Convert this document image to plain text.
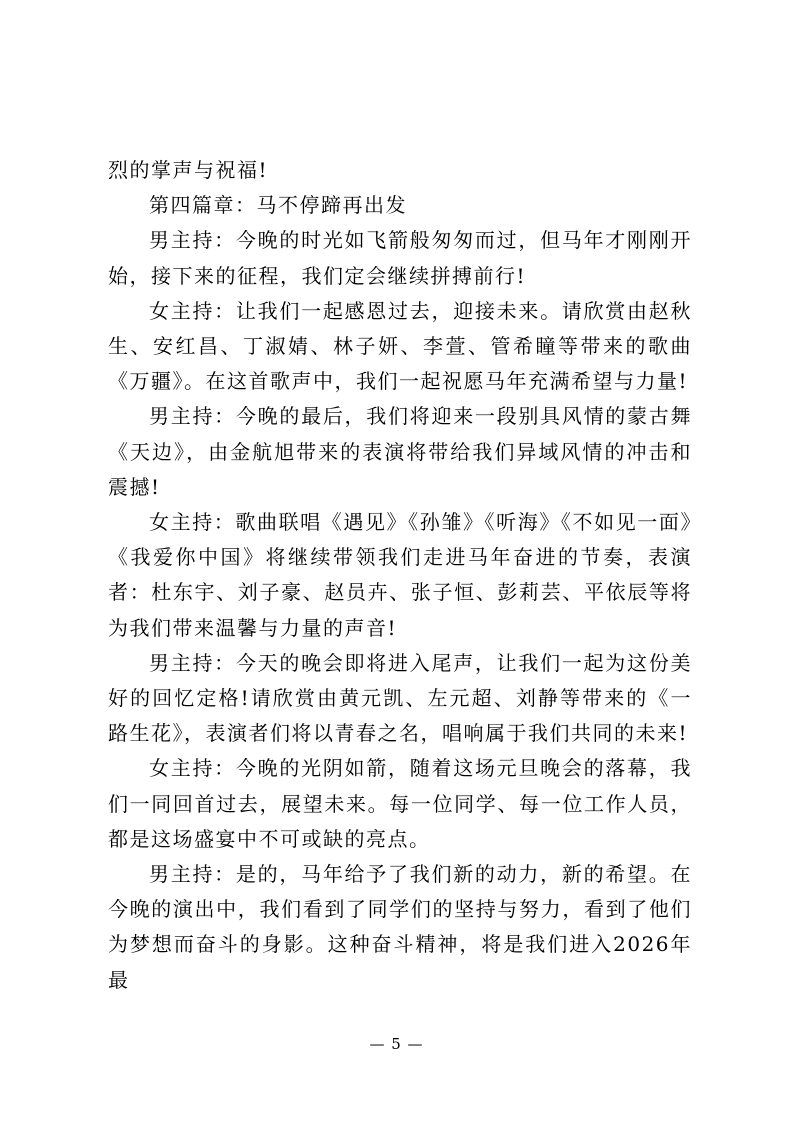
烈的掌声与祝福!

第四篇章：马不停蹄再出发

男主持：今晚的时光如飞箭般匆匆而过，但马年才刚刚开始，接下来的征程，我们定会继续拼搏前行!

女主持：让我们一起感恩过去，迎接未来。请欣赏由赵秋生、安红昌、丁淑婧、林子妍、李萱、管希瞳等带来的歌曲《万疆》。在这首歌声中，我们一起祝愿马年充满希望与力量!

男主持：今晚的最后，我们将迎来一段别具风情的蒙古舞《天边》，由金航旭带来的表演将带给我们异域风情的冲击和震撼!

女主持：歌曲联唱《遇见》《孙雏》《听海》《不如见一面》《我爱你中国》将继续带领我们走进马年奋进的节奏，表演者：杜东宇、刘子豪、赵员卉、张子恒、彭莉芸、平依辰等将为我们带来温馨与力量的声音!

男主持：今天的晚会即将进入尾声，让我们一起为这份美好的回忆定格!请欣赏由黄元凯、左元超、刘静等带来的《一路生花》，表演者们将以青春之名，唱响属于我们共同的未来!

女主持：今晚的光阴如箭，随着这场元旦晚会的落幕，我们一同回首过去，展望未来。每一位同学、每一位工作人员，都是这场盛宴中不可或缺的亮点。

男主持：是的，马年给予了我们新的动力，新的希望。在今晚的演出中，我们看到了同学们的坚持与努力，看到了他们为梦想而奋斗的身影。这种奋斗精神，将是我们进入2026年最

— 5 —
